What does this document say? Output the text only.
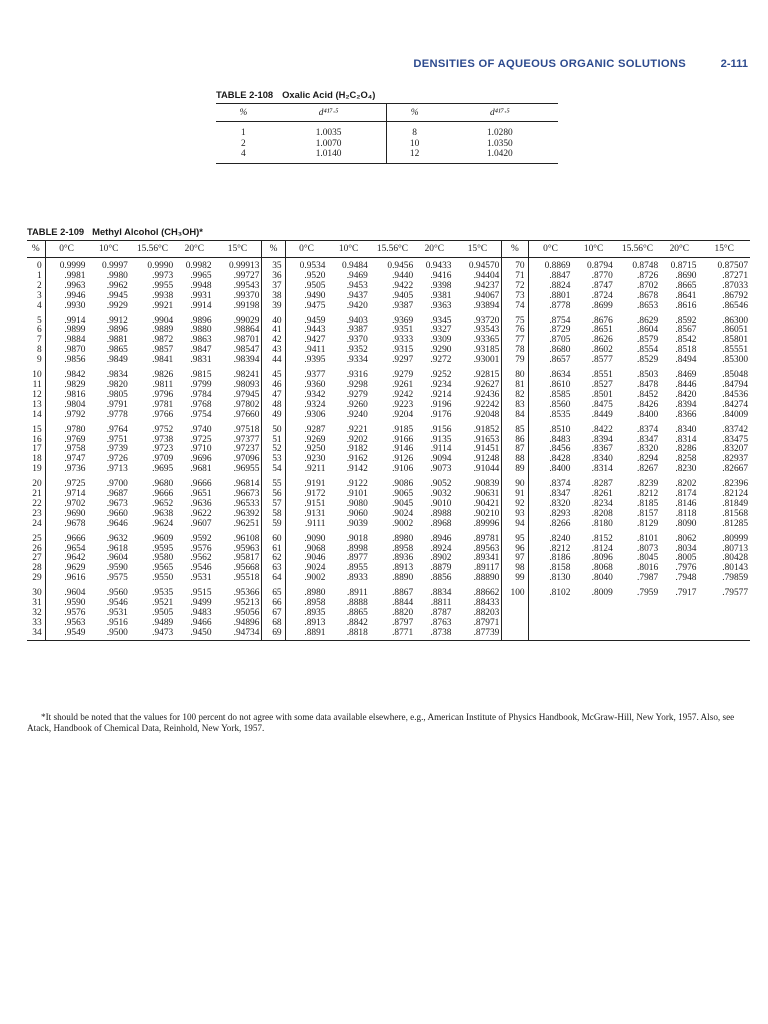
DENSITIES OF AQUEOUS ORGANIC SOLUTIONS	2-111
TABLE 2-108 Oxalic Acid (H₂C₂O₄)
%	d⁴¹⁷·⁵	%	d⁴¹⁷·⁵
1	1.0035	8	1.0280
2	1.0070	10	1.0350
4	1.0140	12	1.0420
TABLE 2-109 Methyl Alcohol (CH₃OH)*
%	0°C	10°C	15.56°C	20°C	15°C	%	0°C	10°C	15.56°C	20°C	15°C	%	0°C	10°C	15.56°C	20°C	15°C
0	0.9999	0.9997	0.9990	0.9982	0.99913	35	0.9534	0.9484	0.9456	0.9433	0.94570	70	0.8869	0.8794	0.8748	0.8715	0.87507
1	.9981	.9980	.9973	.9965	.99727	36	.9520	.9469	.9440	.9416	.94404	71	.8847	.8770	.8726	.8690	.87271
2	.9963	.9962	.9955	.9948	.99543	37	.9505	.9453	.9422	.9398	.94237	72	.8824	.8747	.8702	.8665	.87033
3	.9946	.9945	.9938	.9931	.99370	38	.9490	.9437	.9405	.9381	.94067	73	.8801	.8724	.8678	.8641	.86792
4	.9930	.9929	.9921	.9914	.99198	39	.9475	.9420	.9387	.9363	.93894	74	.8778	.8699	.8653	.8616	.86546
5	.9914	.9912	.9904	.9896	.99029	40	.9459	.9403	.9369	.9345	.93720	75	.8754	.8676	.8629	.8592	.86300
6	.9899	.9896	.9889	.9880	.98864	41	.9443	.9387	.9351	.9327	.93543	76	.8729	.8651	.8604	.8567	.86051
7	.9884	.9881	.9872	.9863	.98701	42	.9427	.9370	.9333	.9309	.93365	77	.8705	.8626	.8579	.8542	.85801
8	.9870	.9865	.9857	.9847	.98547	43	.9411	.9352	.9315	.9290	.93185	78	.8680	.8602	.8554	.8518	.85551
9	.9856	.9849	.9841	.9831	.98394	44	.9395	.9334	.9297	.9272	.93001	79	.8657	.8577	.8529	.8494	.85300
10	.9842	.9834	.9826	.9815	.98241	45	.9377	.9316	.9279	.9252	.92815	80	.8634	.8551	.8503	.8469	.85048
11	.9829	.9820	.9811	.9799	.98093	46	.9360	.9298	.9261	.9234	.92627	81	.8610	.8527	.8478	.8446	.84794
12	.9816	.9805	.9796	.9784	.97945	47	.9342	.9279	.9242	.9214	.92436	82	.8585	.8501	.8452	.8420	.84536
13	.9804	.9791	.9781	.9768	.97802	48	.9324	.9260	.9223	.9196	.92242	83	.8560	.8475	.8426	.8394	.84274
14	.9792	.9778	.9766	.9754	.97660	49	.9306	.9240	.9204	.9176	.92048	84	.8535	.8449	.8400	.8366	.84009
15	.9780	.9764	.9752	.9740	.97518	50	.9287	.9221	.9185	.9156	.91852	85	.8510	.8422	.8374	.8340	.83742
16	.9769	.9751	.9738	.9725	.97377	51	.9269	.9202	.9166	.9135	.91653	86	.8483	.8394	.8347	.8314	.83475
17	.9758	.9739	.9723	.9710	.97237	52	.9250	.9182	.9146	.9114	.91451	87	.8456	.8367	.8320	.8286	.83207
18	.9747	.9726	.9709	.9696	.97096	53	.9230	.9162	.9126	.9094	.91248	88	.8428	.8340	.8294	.8258	.82937
19	.9736	.9713	.9695	.9681	.96955	54	.9211	.9142	.9106	.9073	.91044	89	.8400	.8314	.8267	.8230	.82667
20	.9725	.9700	.9680	.9666	.96814	55	.9191	.9122	.9086	.9052	.90839	90	.8374	.8287	.8239	.8202	.82396
21	.9714	.9687	.9666	.9651	.96673	56	.9172	.9101	.9065	.9032	.90631	91	.8347	.8261	.8212	.8174	.82124
22	.9702	.9673	.9652	.9636	.96533	57	.9151	.9080	.9045	.9010	.90421	92	.8320	.8234	.8185	.8146	.81849
23	.9690	.9660	.9638	.9622	.96392	58	.9131	.9060	.9024	.8988	.90210	93	.8293	.8208	.8157	.8118	.81568
24	.9678	.9646	.9624	.9607	.96251	59	.9111	.9039	.9002	.8968	.89996	94	.8266	.8180	.8129	.8090	.81285
25	.9666	.9632	.9609	.9592	.96108	60	.9090	.9018	.8980	.8946	.89781	95	.8240	.8152	.8101	.8062	.80999
26	.9654	.9618	.9595	.9576	.95963	61	.9068	.8998	.8958	.8924	.89563	96	.8212	.8124	.8073	.8034	.80713
27	.9642	.9604	.9580	.9562	.95817	62	.9046	.8977	.8936	.8902	.89341	97	.8186	.8096	.8045	.8005	.80428
28	.9629	.9590	.9565	.9546	.95668	63	.9024	.8955	.8913	.8879	.89117	98	.8158	.8068	.8016	.7976	.80143
29	.9616	.9575	.9550	.9531	.95518	64	.9002	.8933	.8890	.8856	.88890	99	.8130	.8040	.7987	.7948	.79859
30	.9604	.9560	.9535	.9515	.95366	65	.8980	.8911	.8867	.8834	.88662	100	.8102	.8009	.7959	.7917	.79577
31	.9590	.9546	.9521	.9499	.95213	66	.8958	.8888	.8844	.8811	.88433						
32	.9576	.9531	.9505	.9483	.95056	67	.8935	.8865	.8820	.8787	.88203						
33	.9563	.9516	.9489	.9466	.94896	68	.8913	.8842	.8797	.8763	.87971						
34	.9549	.9500	.9473	.9450	.94734	69	.8891	.8818	.8771	.8738	.87739						
*It should be noted that the values for 100 percent do not agree with some data available elsewhere, e.g., American Institute of Physics Handbook, McGraw-Hill, New York, 1957. Also, see Atack, Handbook of Chemical Data, Reinhold, New York, 1957.
